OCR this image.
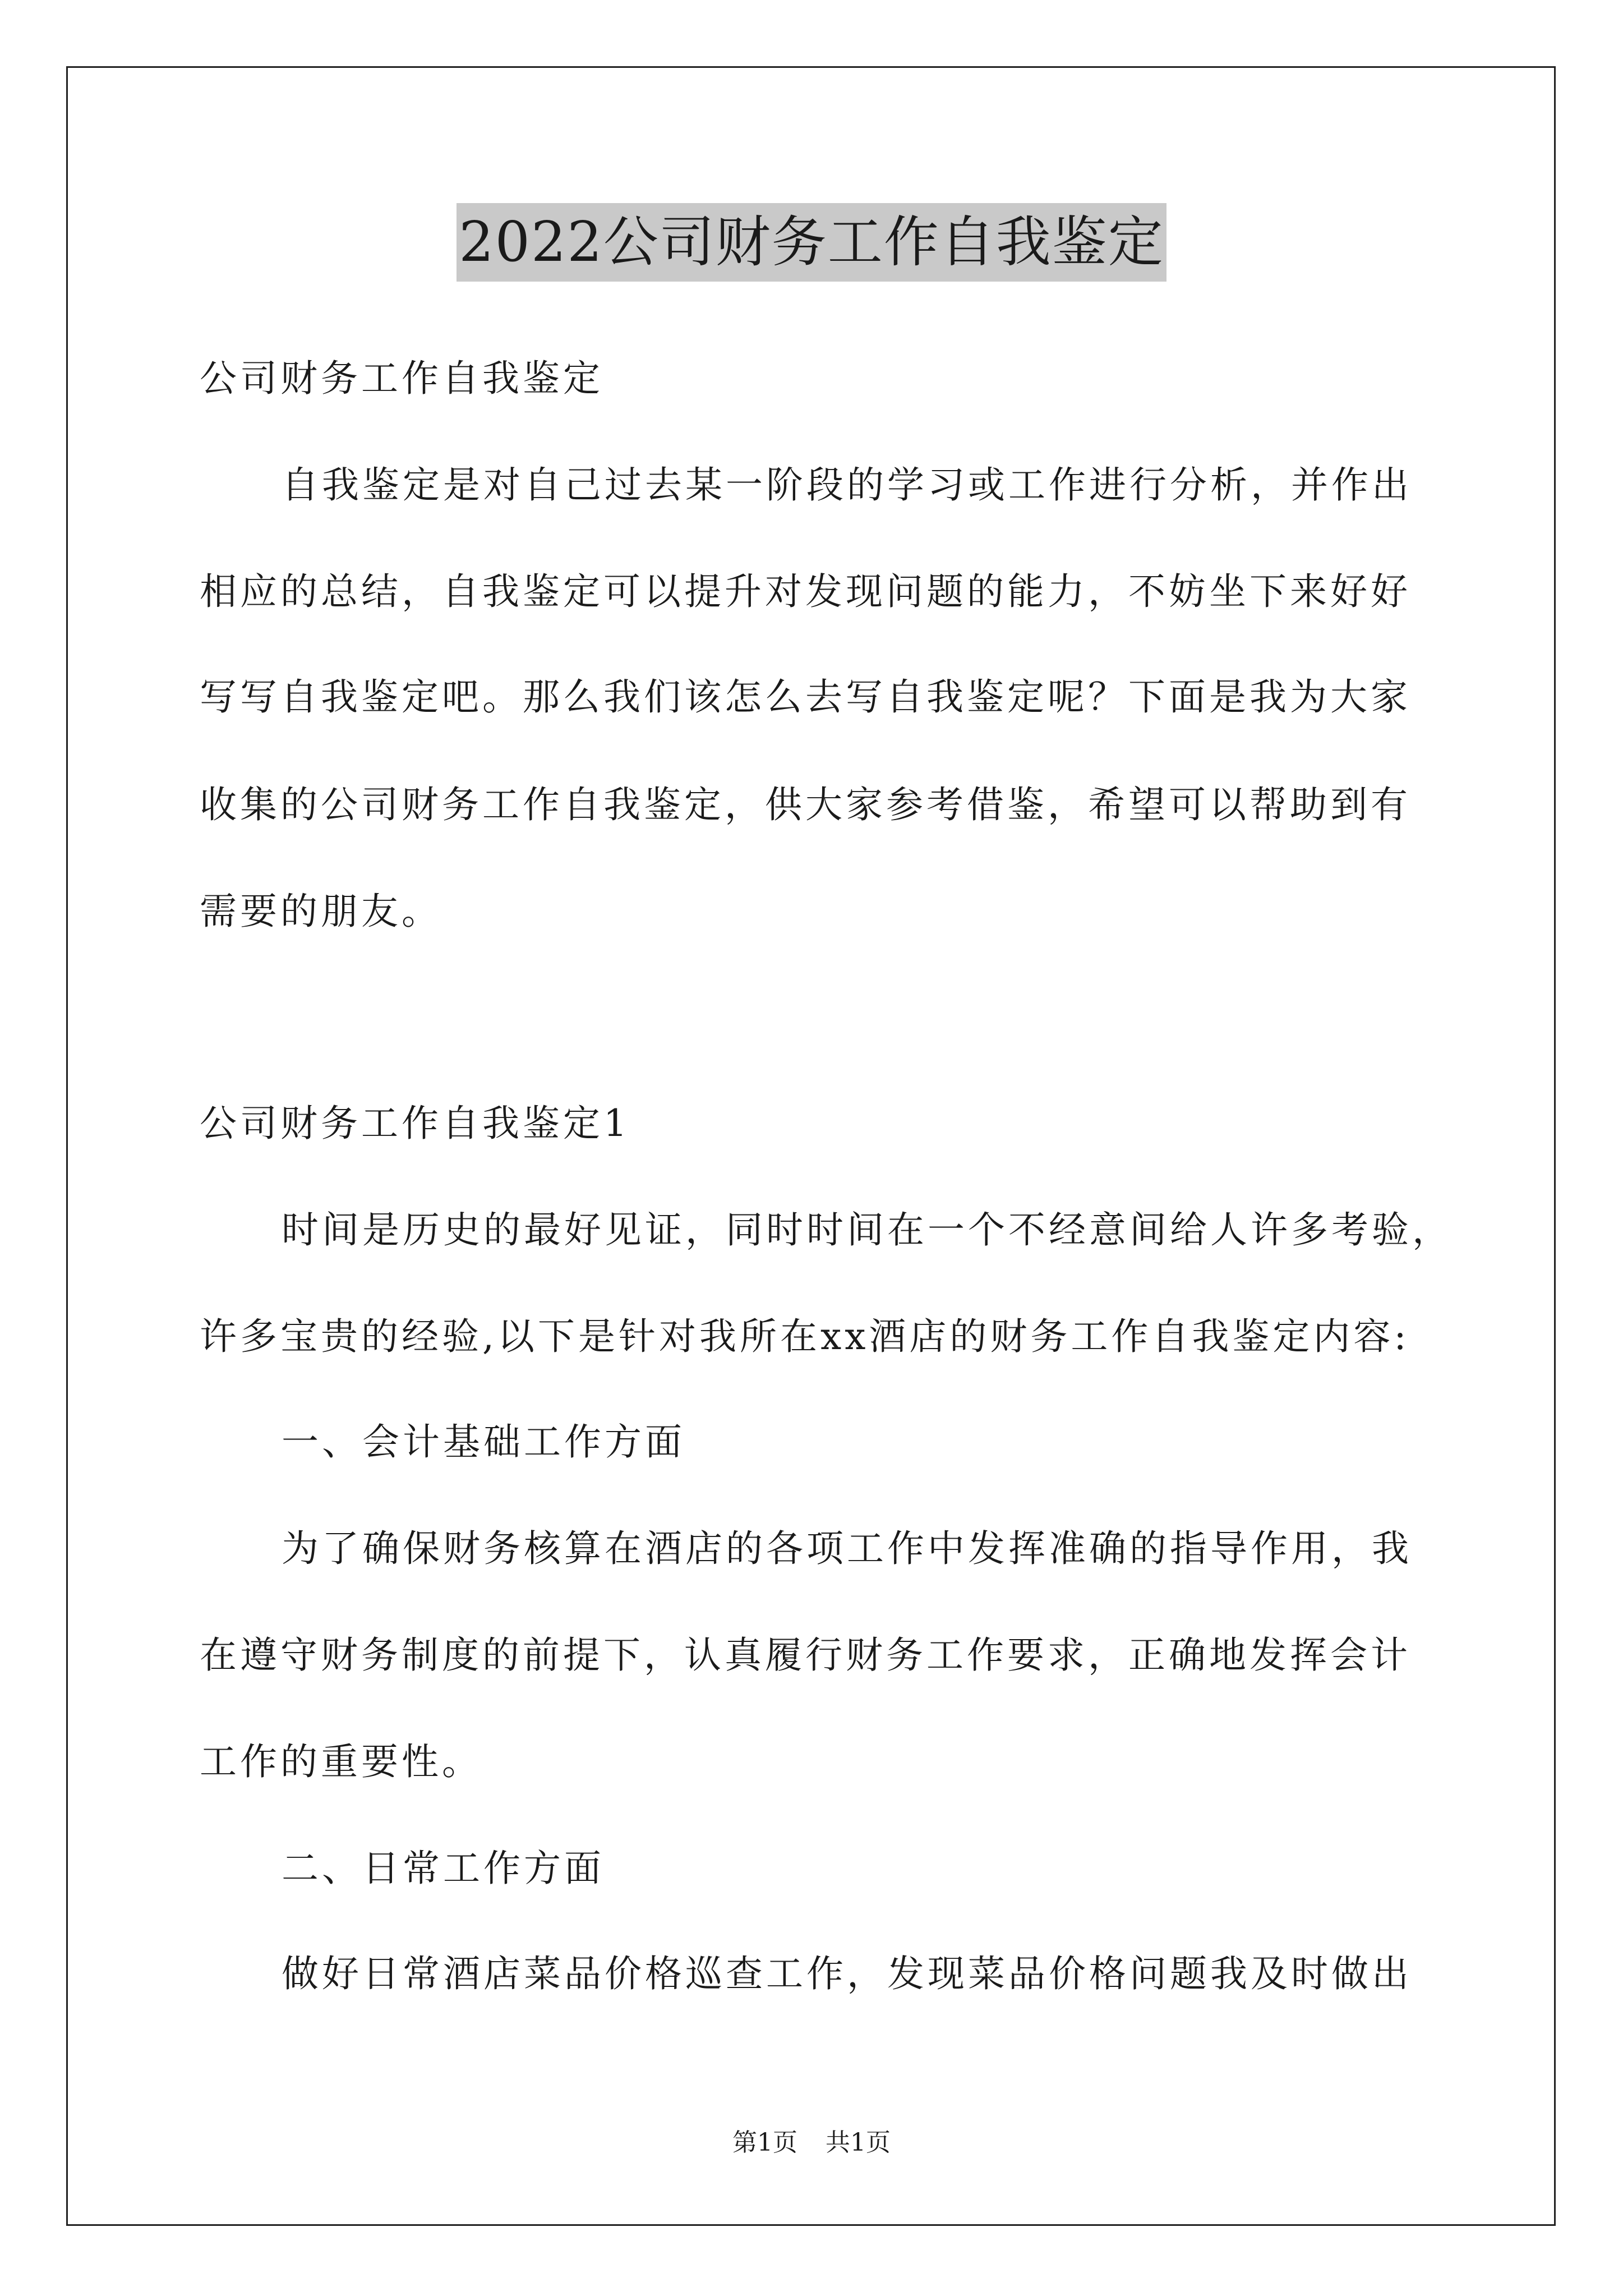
2022公司财务工作自我鉴定
公司财务工作自我鉴定
自我鉴定是对自己过去某一阶段的学习或工作进行分析，并作出
相应的总结，自我鉴定可以提升对发现问题的能力，不妨坐下来好好
写写自我鉴定吧。那么我们该怎么去写自我鉴定呢？下面是我为大家
收集的公司财务工作自我鉴定，供大家参考借鉴，希望可以帮助到有
需要的朋友。
公司财务工作自我鉴定1
时间是历史的最好见证，同时时间在一个不经意间给人许多考验，
许多宝贵的经验,以下是针对我所在xx酒店的财务工作自我鉴定内容:
一、会计基础工作方面
为了确保财务核算在酒店的各项工作中发挥准确的指导作用，我
在遵守财务制度的前提下，认真履行财务工作要求，正确地发挥会计
工作的重要性。
二、日常工作方面
做好日常酒店菜品价格巡查工作，发现菜品价格问题我及时做出
第1页 共1页
